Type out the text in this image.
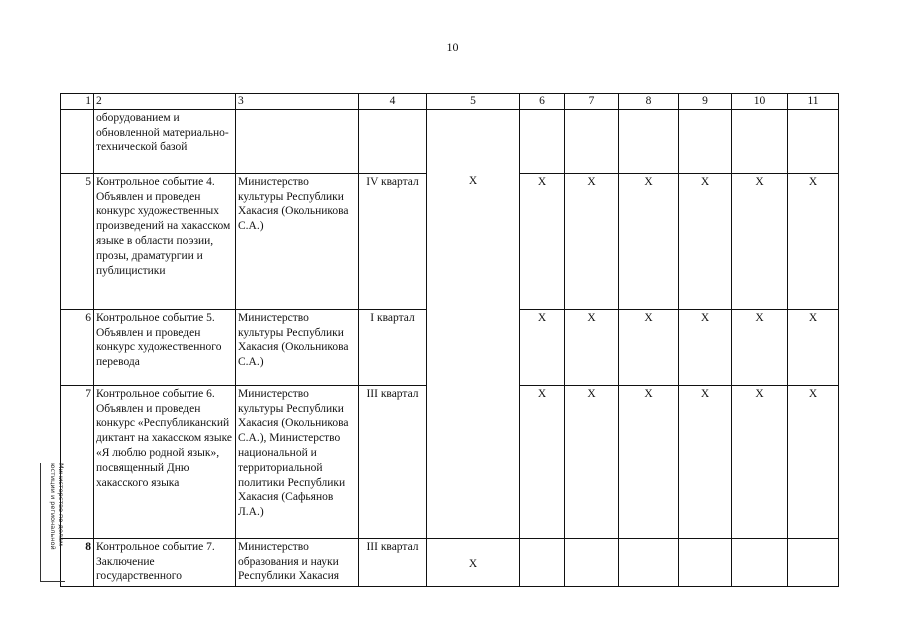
10
1	2	3	4	5	6	7	8	9	10	11
	оборудованием и обновленной материально-технической базой									
5	Контрольное событие 4. Объявлен и проведен конкурс художественных произведений на хакасском языке в области поэзии, прозы, драматургии и публицистики	Министерство культуры Республики Хакасия (Окольникова С.А.)	IV квартал	Х	Х	Х	Х	Х	Х	Х
6	Контрольное событие 5. Объявлен и проведен конкурс художественного перевода	Министерство культуры Республики Хакасия (Окольникова С.А.)	I квартал		Х	Х	Х	Х	Х	Х
7	Контрольное событие 6. Объявлен и проведен конкурс «Республиканский диктант на хакасском языке «Я люблю родной язык», посвященный Дню хакасского языка	Министерство культуры Республики Хакасия (Окольникова С.А.), Министерство национальной и территориальной политики Республики Хакасия (Сафьянов Л.А.)	III квартал		Х	Х	Х	Х	Х	Х
8	Контрольное событие 7. Заключение государственного	Министерство образования и науки Республики Хакасия	III квартал	Х						
Министерство по делам
юстиции и региональной
